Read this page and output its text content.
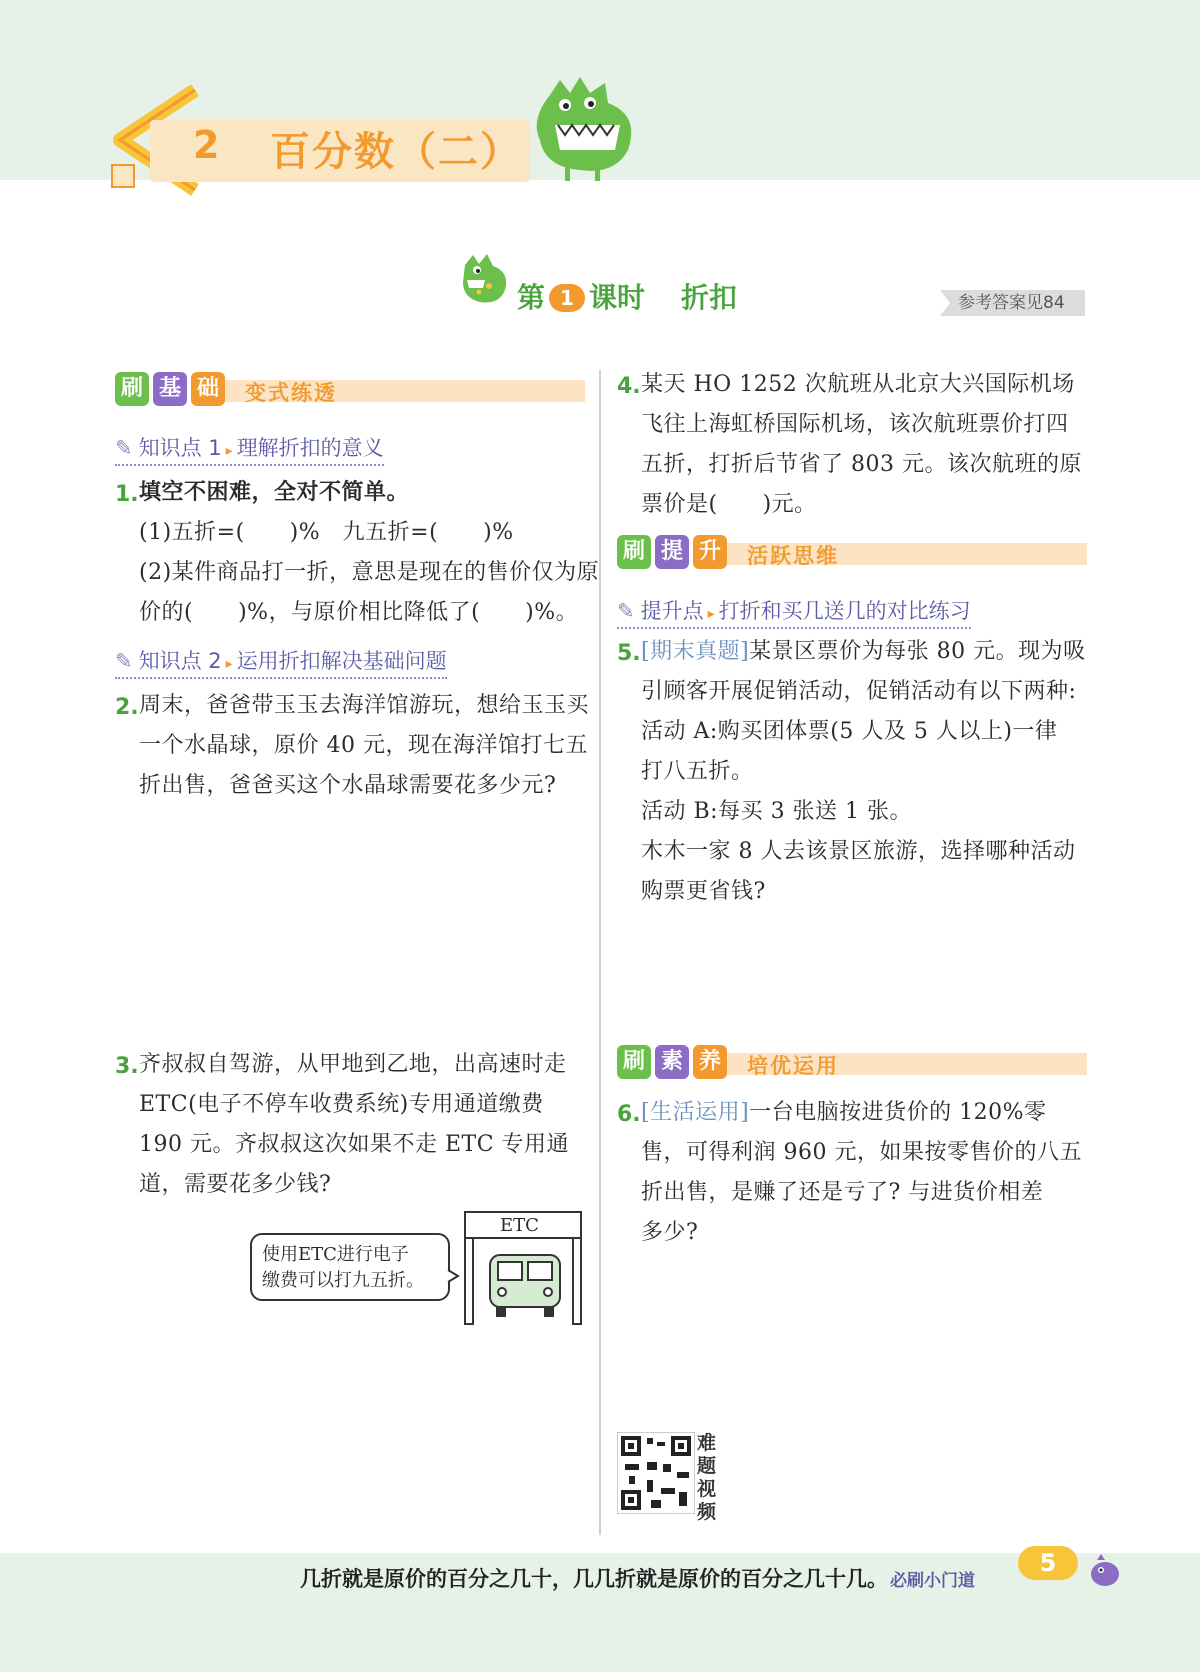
2 百分数（二）
第 1 课时 折扣	参考答案见84
刷 基 础 变式练透
✎ 知识点 1 ▸ 理解折扣的意义
1. 填空不困难，全对不简单。
(1)五折=(　　)%　九五折=(　　)%
(2)某件商品打一折，意思是现在的售价仅为原
价的(　　)%，与原价相比降低了(　　)%。
✎ 知识点 2 ▸ 运用折扣解决基础问题
2. 周末，爸爸带玉玉去海洋馆游玩，想给玉玉买
一个水晶球，原价 40 元，现在海洋馆打七五
折出售，爸爸买这个水晶球需要花多少元?
3. 齐叔叔自驾游，从甲地到乙地，出高速时走
ETC(电子不停车收费系统)专用通道缴费
190 元。齐叔叔这次如果不走 ETC 专用通
道，需要花多少钱?
使用ETC进行电子
缴费可以打九五折。
ETC
4. 某天 HO 1252 次航班从北京大兴国际机场
飞往上海虹桥国际机场，该次航班票价打四
五折，打折后节省了 803 元。该次航班的原
票价是(　　)元。
刷 提 升 活跃思维
✎ 提升点 ▸ 打折和买几送几的对比练习
5. [期末真题]某景区票价为每张 80 元。现为吸
引顾客开展促销活动，促销活动有以下两种:
活动 A:购买团体票(5 人及 5 人以上)一律
打八五折。
活动 B:每买 3 张送 1 张。
木木一家 8 人去该景区旅游，选择哪种活动
购票更省钱?
刷 素 养 培优运用
6. [生活运用]一台电脑按进货价的 120%零
售，可得利润 960 元，如果按零售价的八五
折出售，是赚了还是亏了? 与进货价相差
多少?
难
题
视
频
几折就是原价的百分之几十，几几折就是原价的百分之几十几。 必刷小门道
5
